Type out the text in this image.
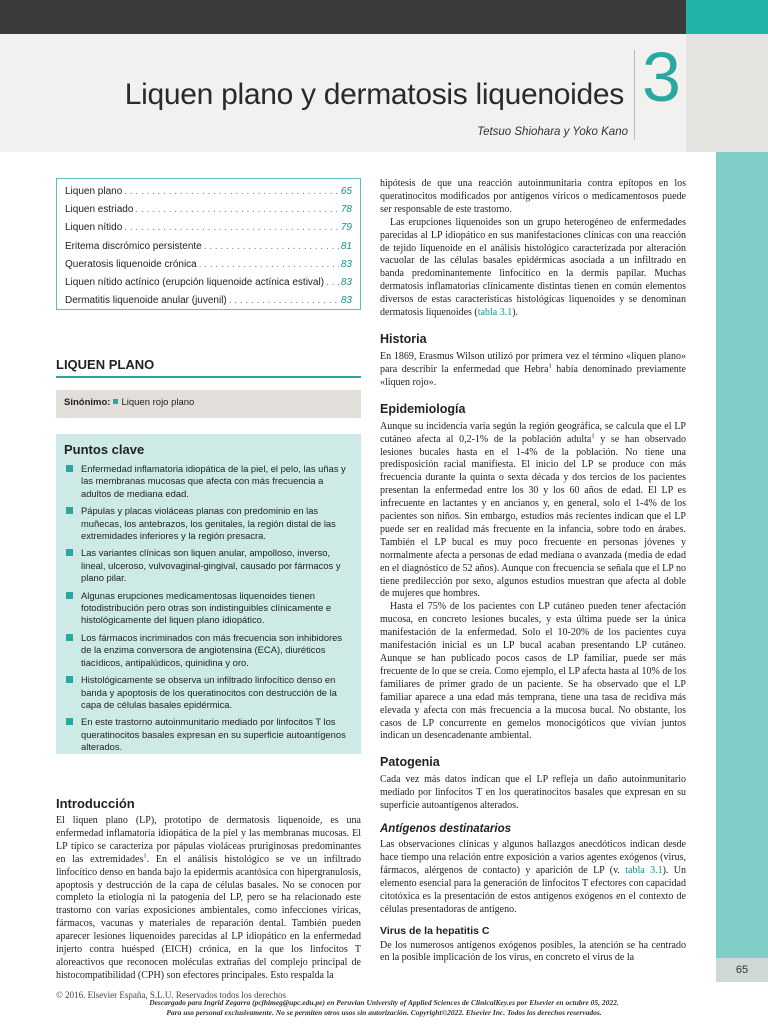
Liquen plano y dermatosis liquenoides 3
Tetsuo Shiohara y Yoko Kano
65
Liquen plano . . .	65
Liquen estriado . . .	78
Liquen nítido . . .	79
Eritema discrómico persistente . . .	81
Queratosis liquenoide crónica . . .	83
Liquen nítido actínico (erupción liquenoide actínica estival) . . . 83
Dermatitis liquenoide anular (juvenil) . . .	83
LIQUEN PLANO
Sinónimo: Liquen rojo plano
Puntos clave
Enfermedad inflamatoria idiopática de la piel, el pelo, las uñas y las membranas mucosas que afecta con más frecuencia a adultos de mediana edad.
Pápulas y placas violáceas planas con predominio en las muñecas, los antebrazos, los genitales, la región distal de las extremidades inferiores y la región presacra.
Las variantes clínicas son liquen anular, ampolloso, inverso, lineal, ulceroso, vulvovaginal-gingival, causado por fármacos y plano pilar.
Algunas erupciones medicamentosas liquenoides tienen fotodistribución pero otras son indistinguibles clínicamente e histológicamente del liquen plano idiopático.
Los fármacos incriminados con más frecuencia son inhibidores de la enzima conversora de angiotensina (ECA), diuréticos tiacídicos, antipalúdicos, quinidina y oro.
Histológicamente se observa un infiltrado linfocítico denso en banda y apoptosis de los queratinocitos con destrucción de la capa de células basales epidérmica.
En este trastorno autoinmunitario mediado por linfocitos T los queratinocitos basales expresan en su superficie autoantígenos alterados.
Introducción
El liquen plano (LP), prototipo de dermatosis liquenoide, es una enfermedad inflamatoria idiopática de la piel y las membranas mucosas. El LP típico se caracteriza por pápulas violáceas pruriginosas predominantes en las extremidades$^1$. En el análisis histológico se ve un infiltrado linfocítico denso en banda bajo la epidermis acantósica con hipergranulosis, apoptosis y destrucción de la capa de células basales. No se conocen por completo la etiología ni la patogenia del LP, pero se ha relacionado este trastorno con varias exposiciones ambientales, como infecciones víricas, fármacos, vacunas y materiales de reparación dental. También pueden aparecer lesiones liquenoides parecidas al LP idiopático en la enfermedad injerto contra huésped (EICH) crónica, en la que los linfocitos T aloreactivos que reconocen moléculas extrañas del complejo principal de histocompatibilidad (CPH) son efectores principales. Esto respalda la
© 2016. Elsevier España, S.L.U. Reservados todos los derechos

hipótesis de que una reacción autoinmunitaria contra epítopos en los queratinocitos modificados por antígenos víricos o medicamentosos puede ser responsable de este trastorno.

Las erupciones liquenoides son un grupo heterogéneo de enfermedades parecidas al LP idiopático en sus manifestaciones clínicas con una reacción de tejido liquenoide en el análisis histológico caracterizada por alteración vacuolar de las células basales epidérmicas asociada a un infiltrado en banda predominantemente linfocítico en la dermis papilar. Muchas dermatosis inflamatorias clínicamente distintas tienen en común elementos diversos de estas características histológicas liquenoides y se denominan dermatosis liquenoides (tabla 3.1).

Historia

En 1869, Erasmus Wilson utilizó por primera vez el término «liquen plano» para describir la enfermedad que Hebra$^1$ había denominado previamente «liquen rojo».

Epidemiología

Aunque su incidencia varía según la región geográfica, se calcula que el LP cutáneo afecta al 0,2-1% de la población adulta$^1$ y se han observado lesiones bucales hasta en el 1-4% de la población. No tiene una predisposición racial manifiesta. El inicio del LP se produce con más frecuencia durante la quinta o sexta década y dos tercios de los pacientes presentan la enfermedad entre los 30 y los 60 años de edad. El LP es infrecuente en lactantes y en ancianos y, en general, solo el 1-4% de los pacientes son niños. Sin embargo, estudios más recientes indican que el LP puede ser en realidad más frecuente en la infancia, sobre todo en árabes. También el LP bucal es muy poco frecuente en personas jóvenes y normalmente afecta a personas de edad mediana o avanzada (media de edad en el diagnóstico de 52 años). Aunque con frecuencia se señala que el LP no tiene predilección por sexo, algunos estudios muestran que afecta al doble de mujeres que hombres.

Hasta el 75% de los pacientes con LP cutáneo pueden tener afectación mucosa, en concreto lesiones bucales, y esta última puede ser la única manifestación de la enfermedad. Solo el 10-20% de los pacientes cuya manifestación inicial es un LP bucal acaban presentando LP cutáneo. Aunque se han publicado pocos casos de LP familiar, puede ser más frecuente de lo que se creía. Como ejemplo, el LP afecta hasta al 10% de los familiares de primer grado de un paciente. Se ha observado que el LP familiar aparece a una edad más temprana, tiene una tasa de recidiva más elevada y afecta con más frecuencia a la mucosa bucal. No obstante, los casos de LP concurrente en gemelos monocigóticos que vivían juntos indican un desencadenante ambiental.

Patogenia

Cada vez más datos indican que el LP refleja un daño autoinmunitario mediado por linfocitos T en los queratinocitos basales que expresan en su superficie autoantígenos alterados.

Antígenos destinatarios

Las observaciones clínicas y algunos hallazgos anecdóticos indican desde hace tiempo una relación entre exposición a varios agentes exógenos (virus, fármacos, alérgenos de contacto) y aparición de LP (v. tabla 3.1). Un elemento esencial para la generación de linfocitos T efectores con capacidad citotóxica es la presentación de estos antígenos exógenos en el contexto de células presentadoras de antígeno.

Virus de la hepatitis C

De los numerosos antígenos exógenos posibles, la atención se ha centrado en la posible implicación de los virus, en concreto el virus de la

Descargado para Ingrid Zegarra (pcjhimeg@upc.edu.pe) en Peruvian University of Applied Sciences de ClinicalKey.es por Elsevier en octubre 05, 2022.
Para uso personal exclusivamente. No se permiten otros usos sin autorización. Copyright©2022. Elsevier Inc. Todos los derechos reservados.
